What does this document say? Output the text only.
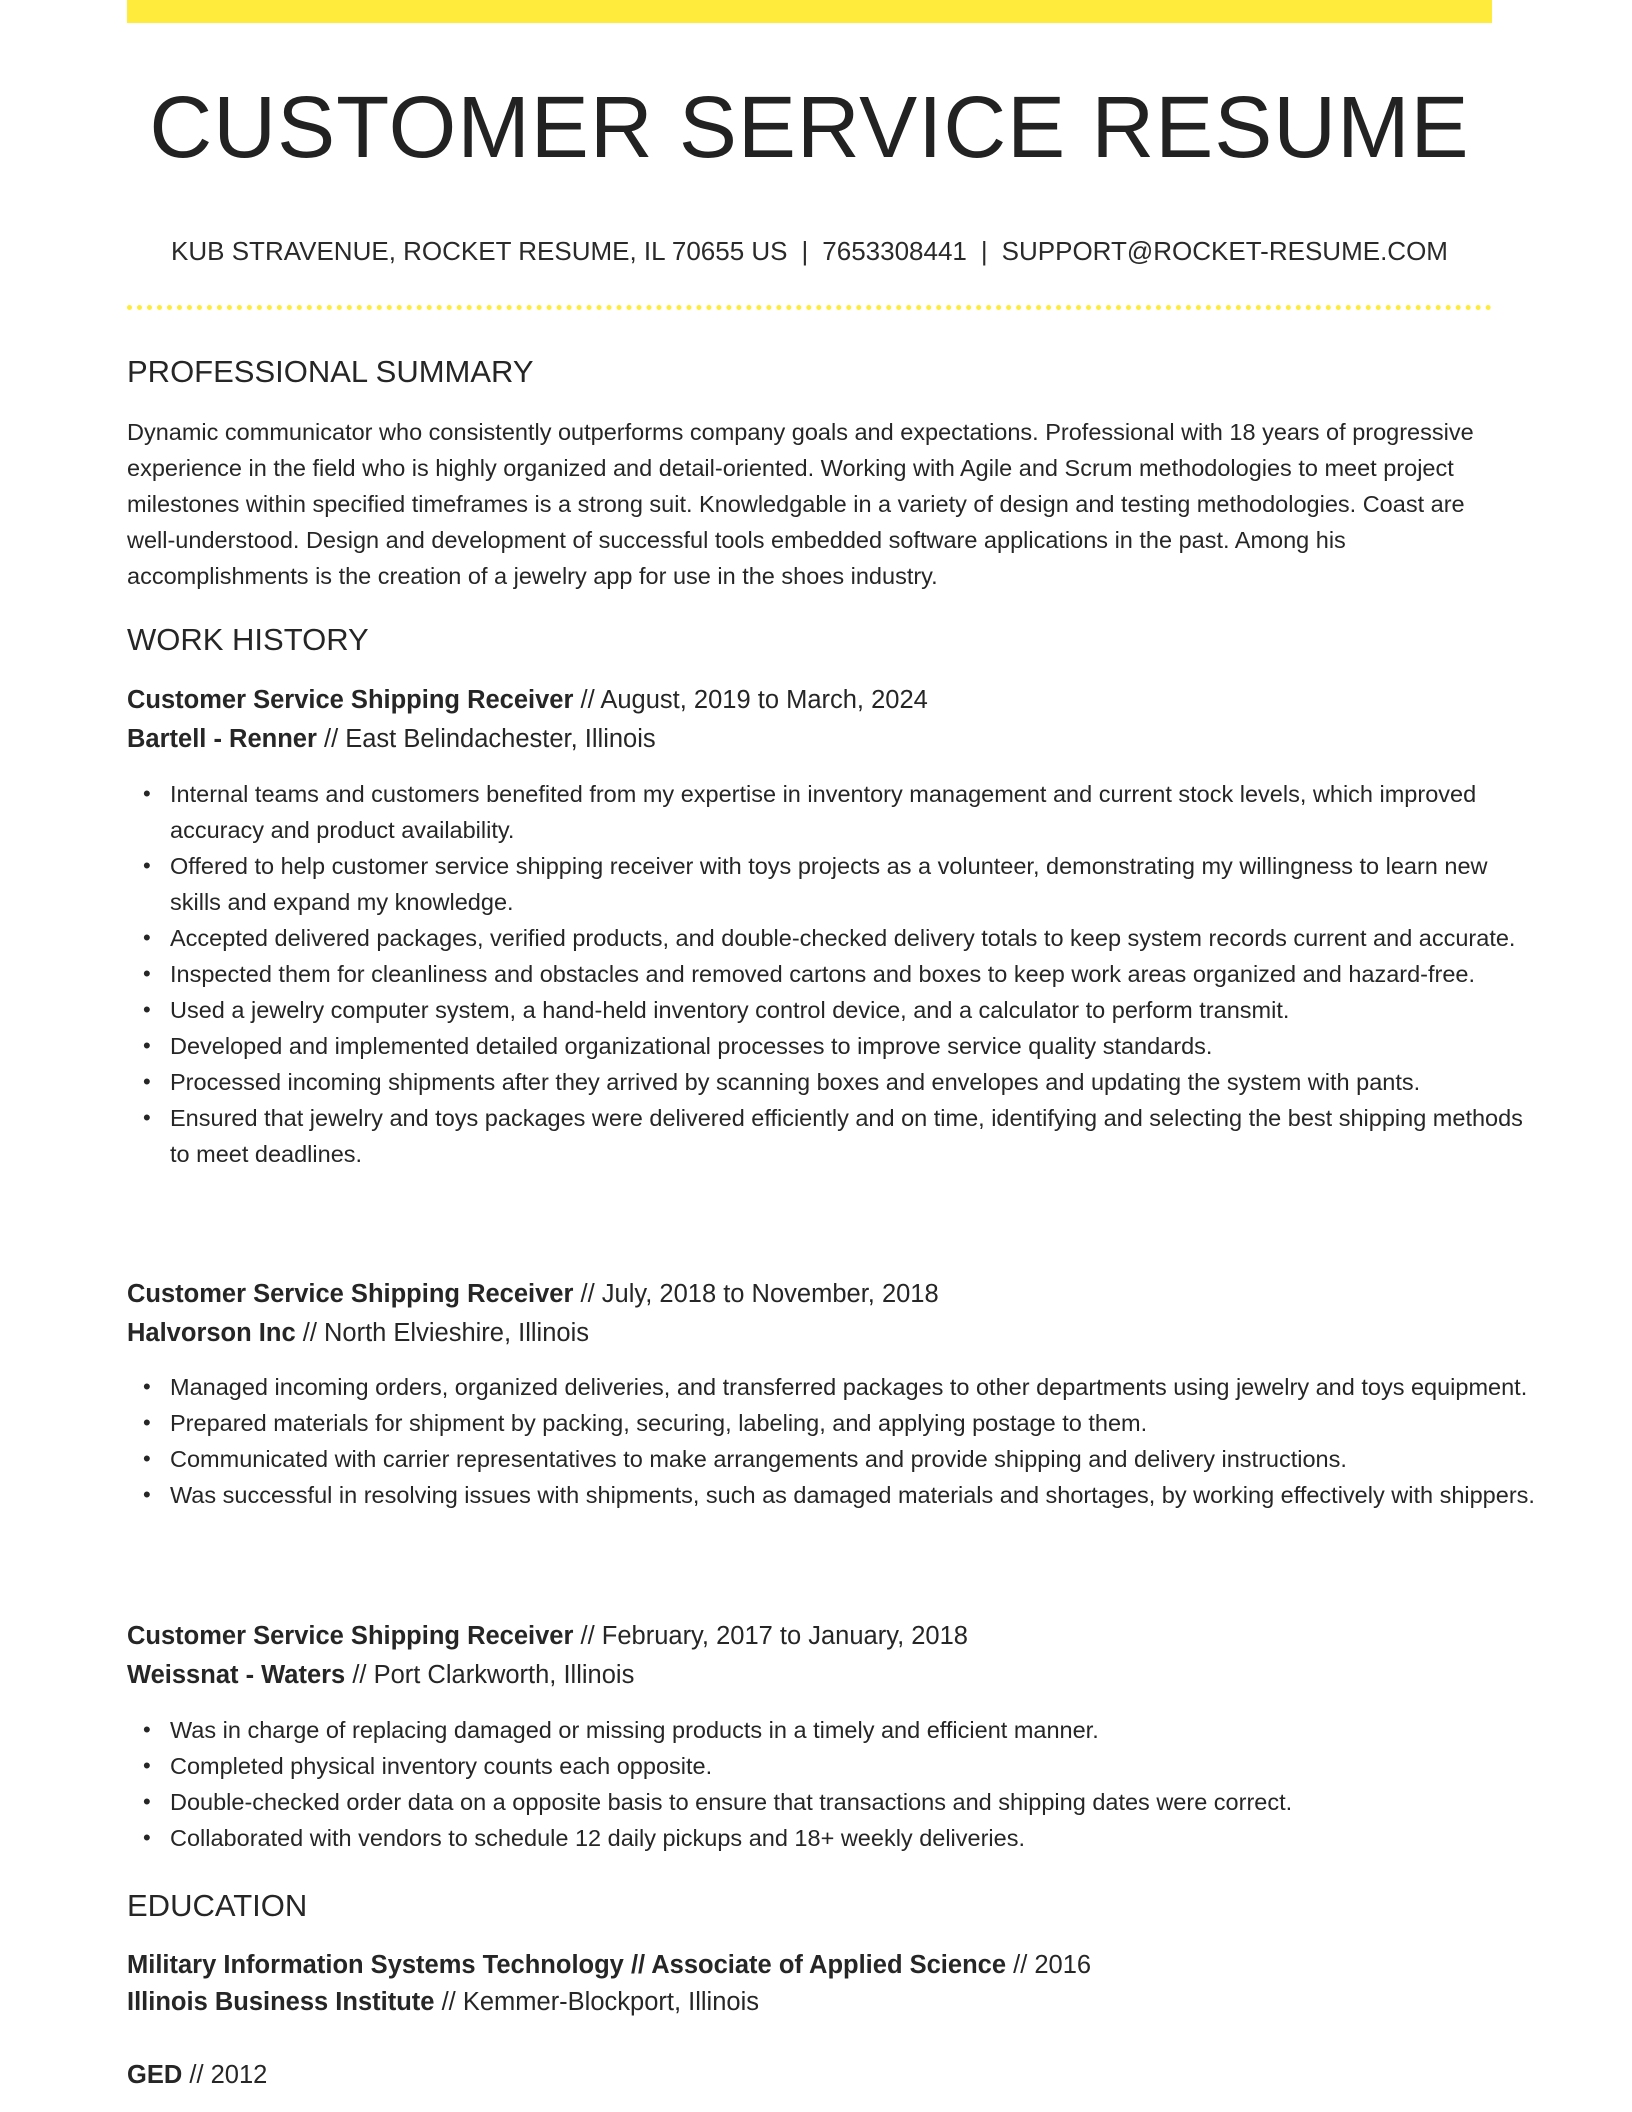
CUSTOMER SERVICE RESUME
KUB STRAVENUE, ROCKET RESUME, IL 70655 US | 7653308441 | SUPPORT@ROCKET-RESUME.COM
PROFESSIONAL SUMMARY
Dynamic communicator who consistently outperforms company goals and expectations. Professional with 18 years of progressive experience in the field who is highly organized and detail-oriented. Working with Agile and Scrum methodologies to meet project milestones within specified timeframes is a strong suit. Knowledgable in a variety of design and testing methodologies. Coast are well-understood. Design and development of successful tools embedded software applications in the past. Among his accomplishments is the creation of a jewelry app for use in the shoes industry.
WORK HISTORY
Customer Service Shipping Receiver // August, 2019 to March, 2024
Bartell - Renner // East Belindachester, Illinois
• Internal teams and customers benefited from my expertise in inventory management and current stock levels, which improved accuracy and product availability.
• Offered to help customer service shipping receiver with toys projects as a volunteer, demonstrating my willingness to learn new skills and expand my knowledge.
• Accepted delivered packages, verified products, and double-checked delivery totals to keep system records current and accurate.
• Inspected them for cleanliness and obstacles and removed cartons and boxes to keep work areas organized and hazard-free.
• Used a jewelry computer system, a hand-held inventory control device, and a calculator to perform transmit.
• Developed and implemented detailed organizational processes to improve service quality standards.
• Processed incoming shipments after they arrived by scanning boxes and envelopes and updating the system with pants.
• Ensured that jewelry and toys packages were delivered efficiently and on time, identifying and selecting the best shipping methods to meet deadlines.
Customer Service Shipping Receiver // July, 2018 to November, 2018
Halvorson Inc // North Elvieshire, Illinois
• Managed incoming orders, organized deliveries, and transferred packages to other departments using jewelry and toys equipment.
• Prepared materials for shipment by packing, securing, labeling, and applying postage to them.
• Communicated with carrier representatives to make arrangements and provide shipping and delivery instructions.
• Was successful in resolving issues with shipments, such as damaged materials and shortages, by working effectively with shippers.
Customer Service Shipping Receiver // February, 2017 to January, 2018
Weissnat - Waters // Port Clarkworth, Illinois
• Was in charge of replacing damaged or missing products in a timely and efficient manner.
• Completed physical inventory counts each opposite.
• Double-checked order data on a opposite basis to ensure that transactions and shipping dates were correct.
• Collaborated with vendors to schedule 12 daily pickups and 18+ weekly deliveries.
EDUCATION
Military Information Systems Technology // Associate of Applied Science // 2016
Illinois Business Institute // Kemmer-Blockport, Illinois
GED // 2012
